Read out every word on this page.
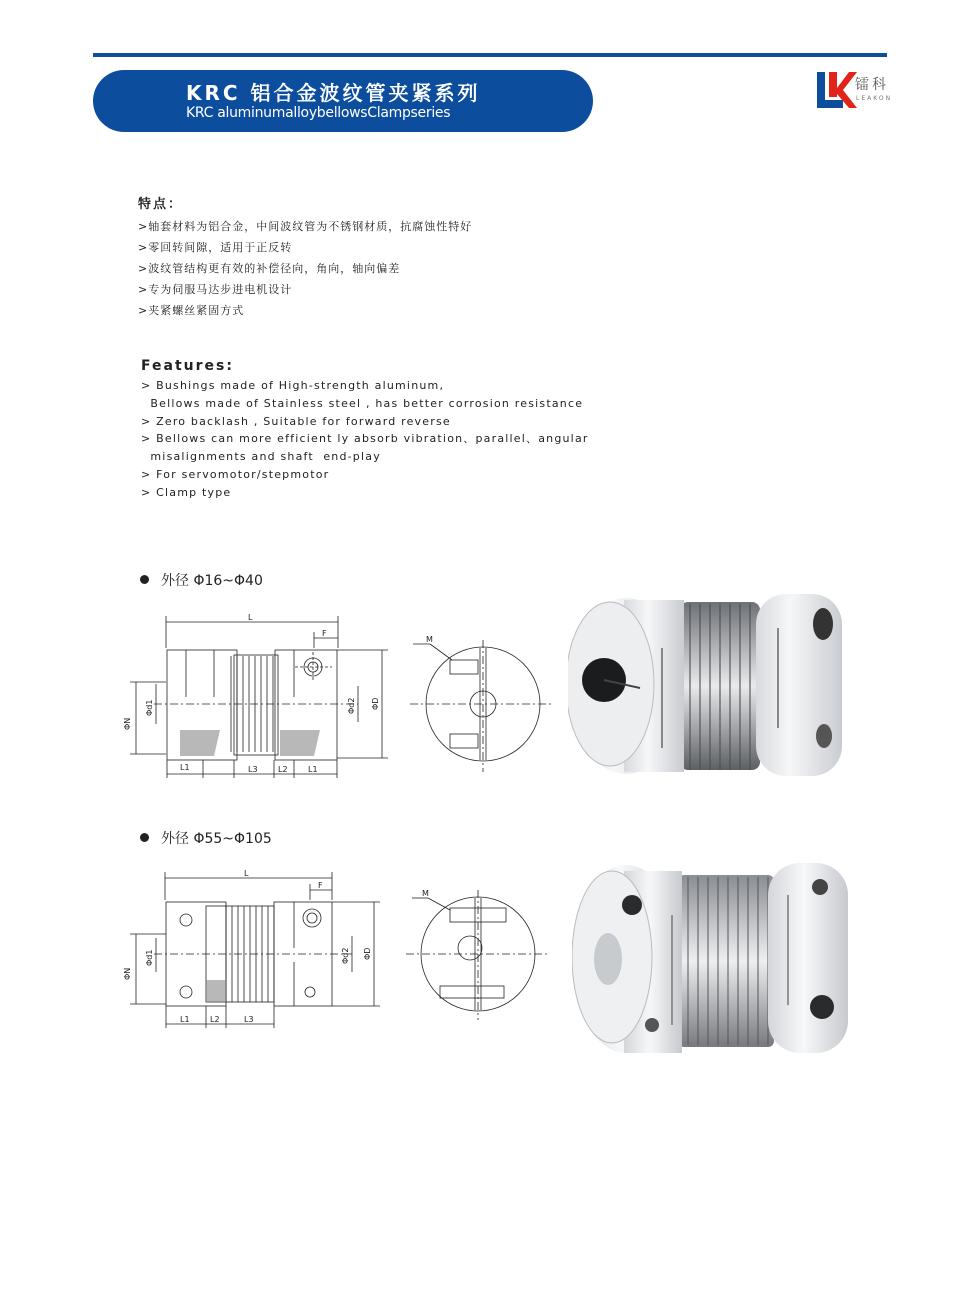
KRC 铝合金波纹管夹紧系列
KRC aluminumalloybellowsClampseries
镭科
LEAKON
特点：
>轴套材料为铝合金，中间波纹管为不锈钢材质，抗腐蚀性特好
>零回转间隙，适用于正反转
>波纹管结构更有效的补偿径向，角向，轴向偏差
>专为伺服马达步进电机设计
>夹紧螺丝紧固方式
Features:
> Bushings made of High-strength aluminum,
Bellows made of Stainless steel , has better corrosion resistance
> Zero backlash , Suitable for forward reverse
> Bellows can more efficient ly absorb vibration、parallel、angular
misalignments and shaft  end-play
> For servomotor/stepmotor
> Clamp type
外径 Φ16~Φ40
L
F
ΦN
Φd1	Φd2 ΦD
L1	L3	L2	L1
M
外径 Φ55~Φ105
L
F
ΦN
Φd1	Φd2 ΦD
L1	L2	L3
M
